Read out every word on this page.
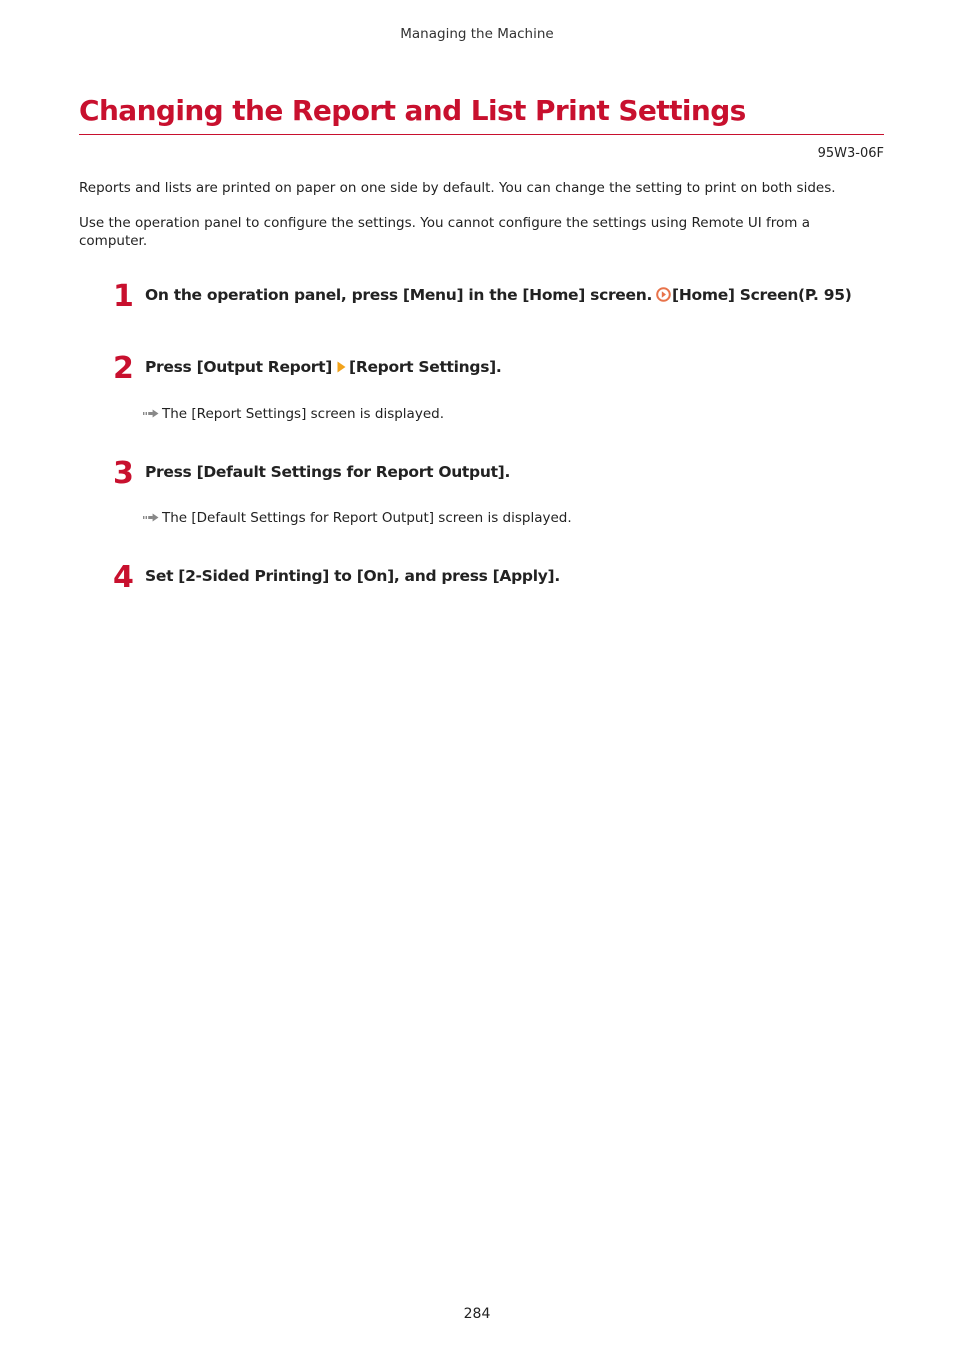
Managing the Machine
Changing the Report and List Print Settings
95W3-06F

Reports and lists are printed on paper on one side by default. You can change the setting to print on both sides.

Use the operation panel to configure the settings. You cannot configure the settings using Remote UI from a computer.

1 On the operation panel, press [Menu] in the [Home] screen. [Home] Screen(P. 95)
2 Press [Output Report] [Report Settings].
The [Report Settings] screen is displayed.
3 Press [Default Settings for Report Output].
The [Default Settings for Report Output] screen is displayed.
4 Set [2-Sided Printing] to [On], and press [Apply].
284
